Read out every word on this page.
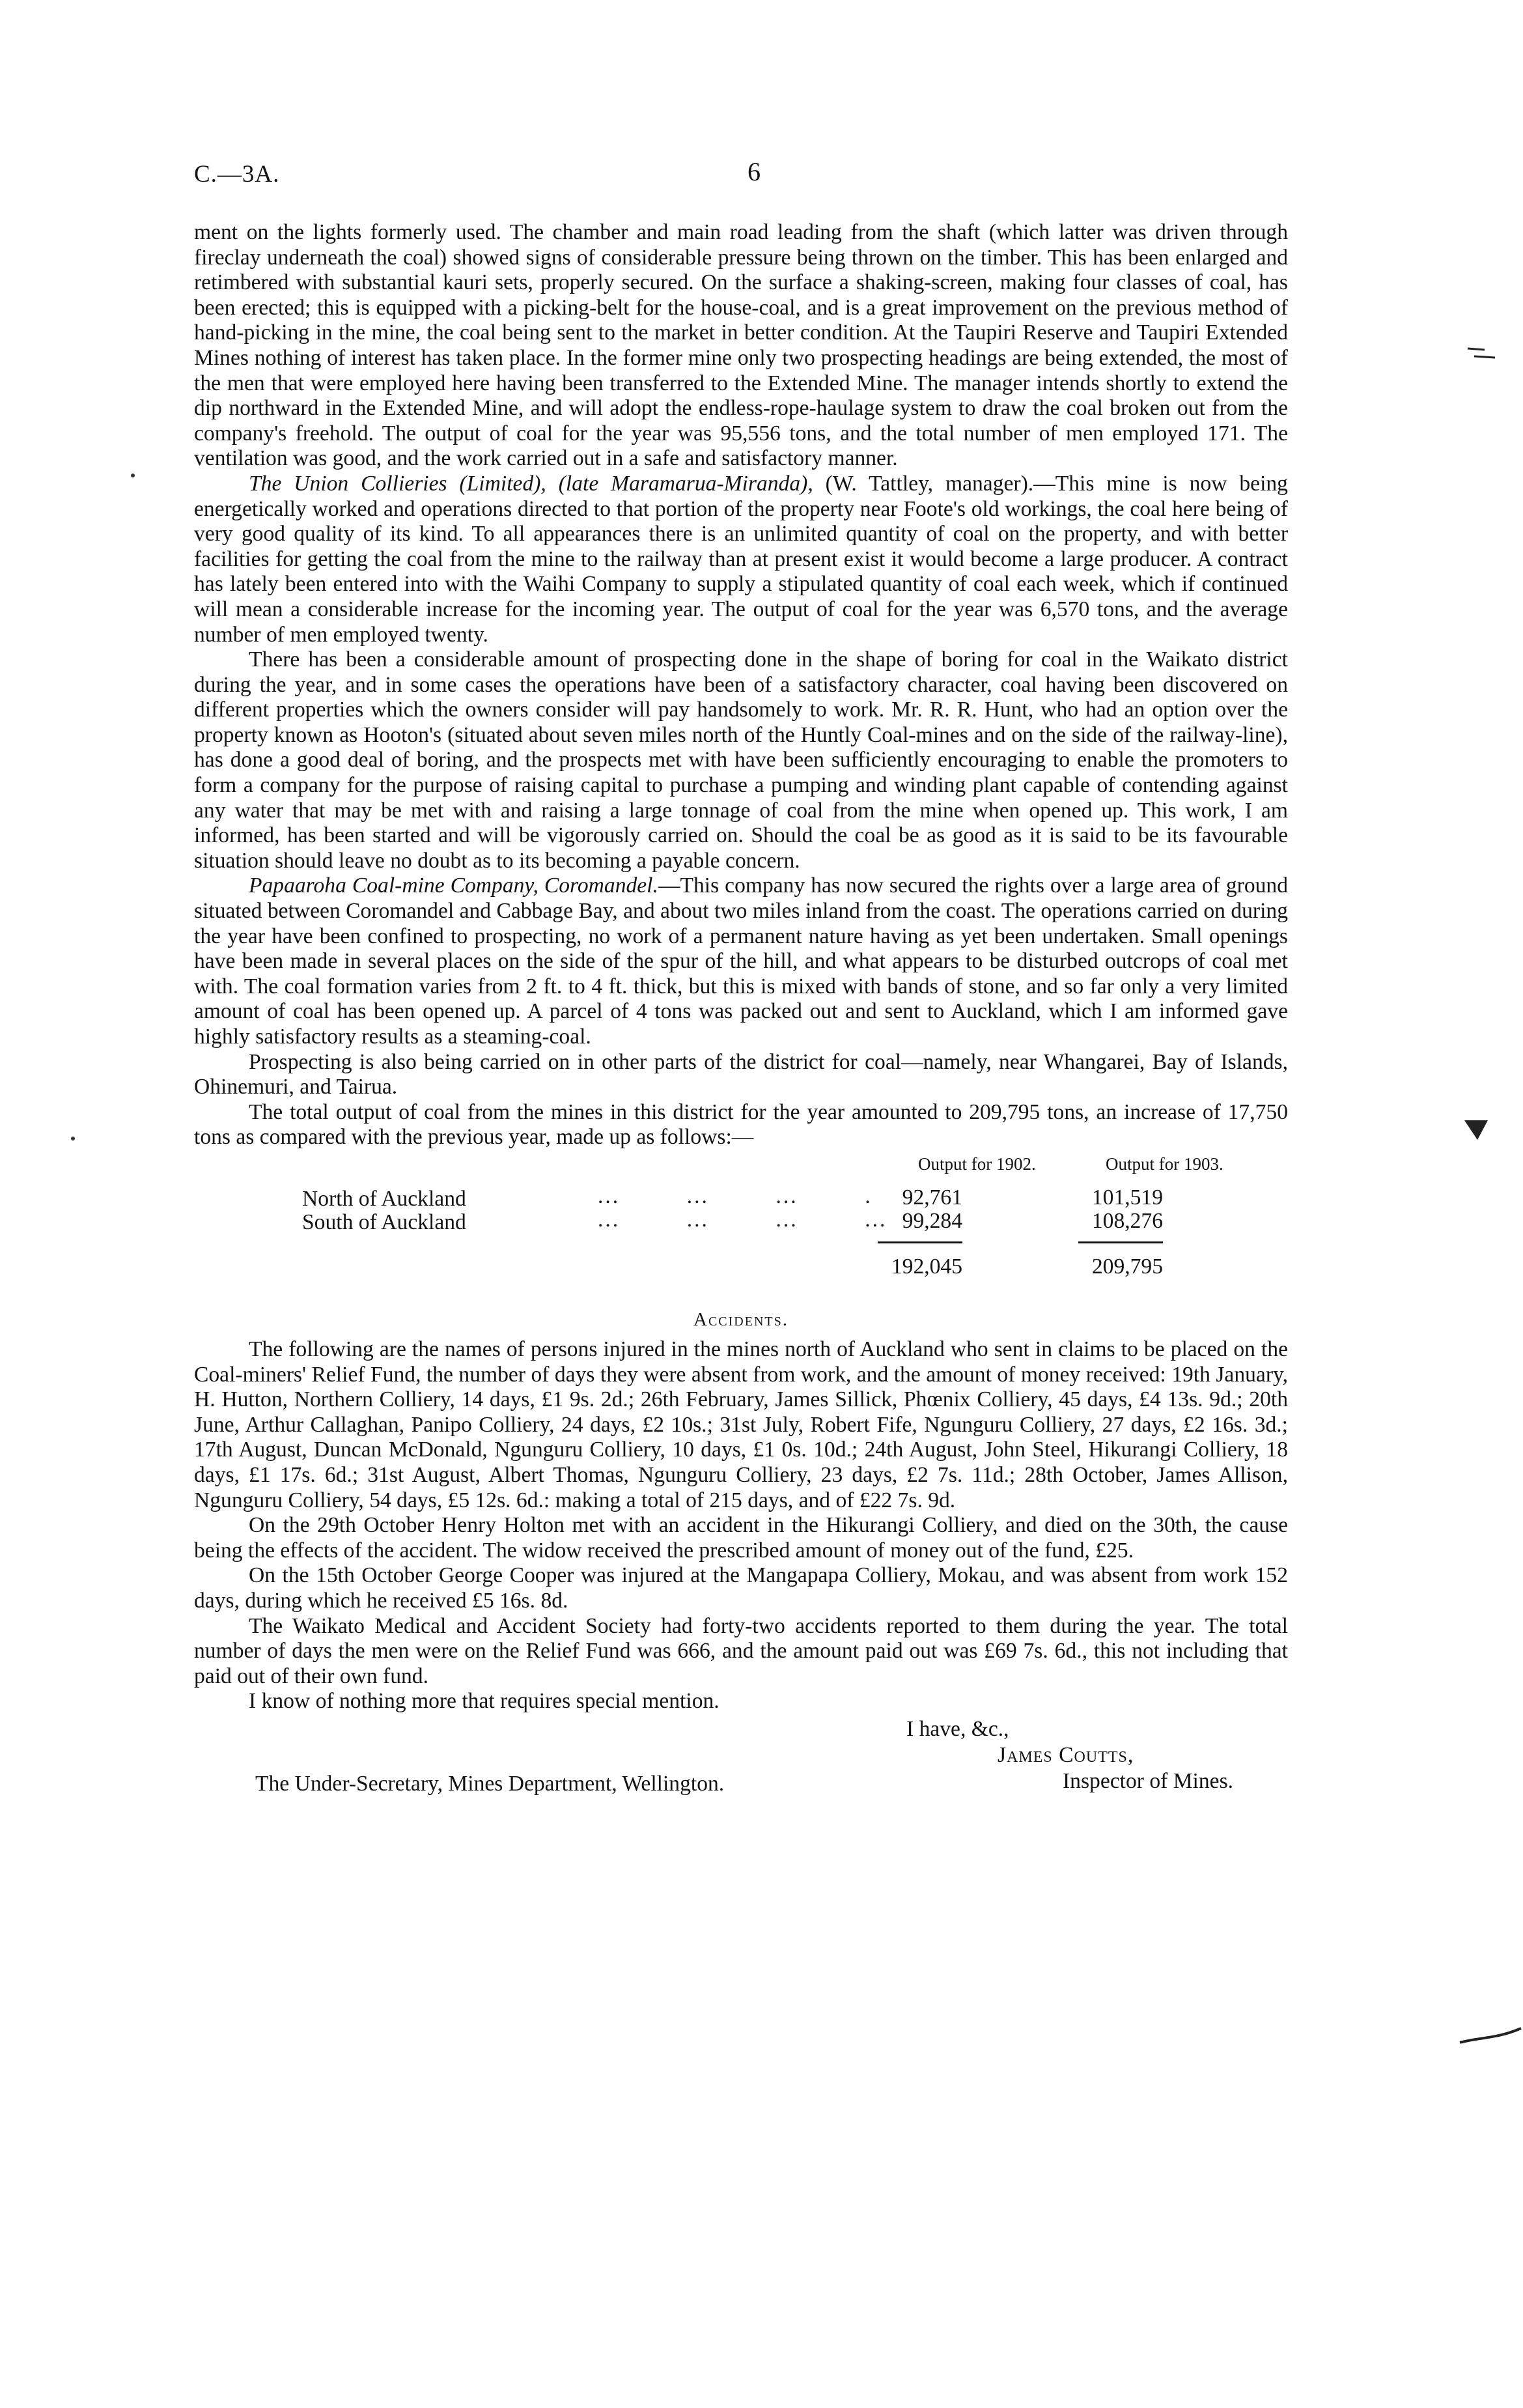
C.—3A.	6

ment on the lights formerly used. The chamber and main road leading from the shaft (which latter was driven through fireclay underneath the coal) showed signs of considerable pressure being thrown on the timber. This has been enlarged and retimbered with substantial kauri sets, properly secured. On the surface a shaking-screen, making four classes of coal, has been erected; this is equipped with a picking-belt for the house-coal, and is a great improvement on the previous method of hand-picking in the mine, the coal being sent to the market in better condition. At the Taupiri Reserve and Taupiri Extended Mines nothing of interest has taken place. In the former mine only two prospecting headings are being extended, the most of the men that were employed here having been transferred to the Extended Mine. The manager intends shortly to extend the dip northward in the Extended Mine, and will adopt the endless-rope-haulage system to draw the coal broken out from the company's freehold. The output of coal for the year was 95,556 tons, and the total number of men employed 171. The ventilation was good, and the work carried out in a safe and satisfactory manner.

The Union Collieries (Limited), (late Maramarua-Miranda), (W. Tattley, manager).—This mine is now being energetically worked and operations directed to that portion of the property near Foote's old workings, the coal here being of very good quality of its kind. To all appearances there is an unlimited quantity of coal on the property, and with better facilities for getting the coal from the mine to the railway than at present exist it would become a large producer. A contract has lately been entered into with the Waihi Company to supply a stipulated quantity of coal each week, which if continued will mean a considerable increase for the incoming year. The output of coal for the year was 6,570 tons, and the average number of men employed twenty.

There has been a considerable amount of prospecting done in the shape of boring for coal in the Waikato district during the year, and in some cases the operations have been of a satisfactory character, coal having been discovered on different properties which the owners consider will pay handsomely to work. Mr. R. R. Hunt, who had an option over the property known as Hooton's (situated about seven miles north of the Huntly Coal-mines and on the side of the railway-line), has done a good deal of boring, and the prospects met with have been sufficiently encouraging to enable the promoters to form a company for the purpose of raising capital to purchase a pumping and winding plant capable of contending against any water that may be met with and raising a large tonnage of coal from the mine when opened up. This work, I am informed, has been started and will be vigorously carried on. Should the coal be as good as it is said to be its favourable situation should leave no doubt as to its becoming a payable concern.

Papaaroha Coal-mine Company, Coromandel.—This company has now secured the rights over a large area of ground situated between Coromandel and Cabbage Bay, and about two miles inland from the coast. The operations carried on during the year have been confined to prospecting, no work of a permanent nature having as yet been undertaken. Small openings have been made in several places on the side of the spur of the hill, and what appears to be disturbed outcrops of coal met with. The coal formation varies from 2 ft. to 4 ft. thick, but this is mixed with bands of stone, and so far only a very limited amount of coal has been opened up. A parcel of 4 tons was packed out and sent to Auckland, which I am informed gave highly satisfactory results as a steaming-coal.

Prospecting is also being carried on in other parts of the district for coal—namely, near Whangarei, Bay of Islands, Ohinemuri, and Tairua.

The total output of coal from the mines in this district for the year amounted to 209,795 tons, an increase of 17,750 tons as compared with the previous year, made up as follows:—

Output for 1902.	Output for 1903.
North of Auckland	...         ...         ...         .	92,761	101,519
South of Auckland	...         ...         ...         ... 99,284	108,276
192,045	209,795
Accidents.

The following are the names of persons injured in the mines north of Auckland who sent in claims to be placed on the Coal-miners' Relief Fund, the number of days they were absent from work, and the amount of money received: 19th January, H. Hutton, Northern Colliery, 14 days, £1 9s. 2d.; 26th February, James Sillick, Phœnix Colliery, 45 days, £4 13s. 9d.; 20th June, Arthur Callaghan, Panipo Colliery, 24 days, £2 10s.; 31st July, Robert Fife, Ngunguru Colliery, 27 days, £2 16s. 3d.; 17th August, Duncan McDonald, Ngunguru Colliery, 10 days, £1 0s. 10d.; 24th August, John Steel, Hikurangi Colliery, 18 days, £1 17s. 6d.; 31st August, Albert Thomas, Ngunguru Colliery, 23 days, £2 7s. 11d.; 28th October, James Allison, Ngunguru Colliery, 54 days, £5 12s. 6d.: making a total of 215 days, and of £22 7s. 9d.

On the 29th October Henry Holton met with an accident in the Hikurangi Colliery, and died on the 30th, the cause being the effects of the accident. The widow received the prescribed amount of money out of the fund, £25.

On the 15th October George Cooper was injured at the Mangapapa Colliery, Mokau, and was absent from work 152 days, during which he received £5 16s. 8d.

The Waikato Medical and Accident Society had forty-two accidents reported to them during the year. The total number of days the men were on the Relief Fund was 666, and the amount paid out was £69 7s. 6d., this not including that paid out of their own fund.

I know of nothing more that requires special mention.

I have, &c.,
James Coutts,
The Under-Secretary, Mines Department, Wellington.	Inspector of Mines.
